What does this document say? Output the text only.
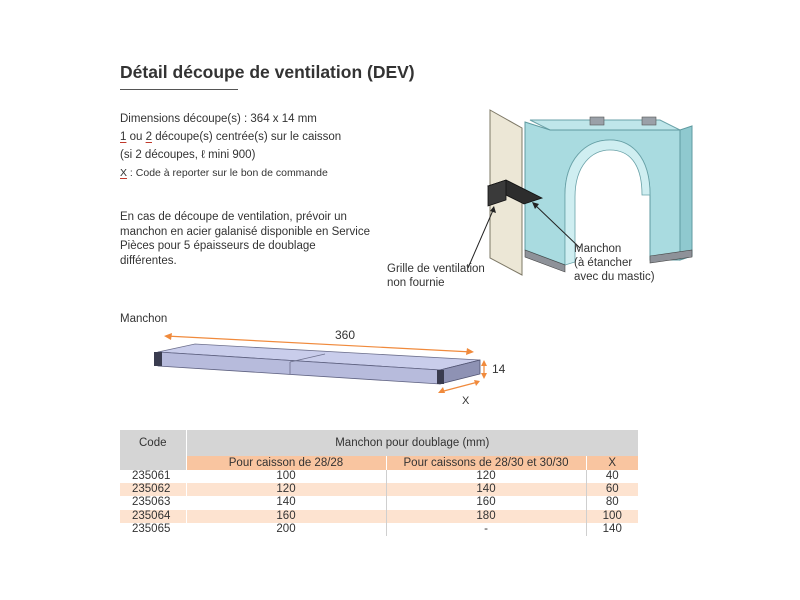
Détail découpe de ventilation (DEV)
Dimensions découpe(s) : 364 x 14 mm
1 ou 2 découpe(s) centrée(s) sur le caisson
(si 2 découpes, ℓ mini 900)
X : Code à reporter sur le bon de commande
En cas de découpe de ventilation, prévoir un manchon en acier galanisé disponible en Service Pièces pour 5 épaisseurs de doublage différentes.
Grille de ventilation
non fournie
Manchon
(à étancher
avec du mastic)
Manchon
360
14
X
Code	Manchon pour doublage (mm)		
	Pour caisson de 28/28	Pour caissons de 28/30 et 30/30	X
235061	100	120	40
235062	120	140	60
235063	140	160	80
235064	160	180	100
235065	200	-	140
